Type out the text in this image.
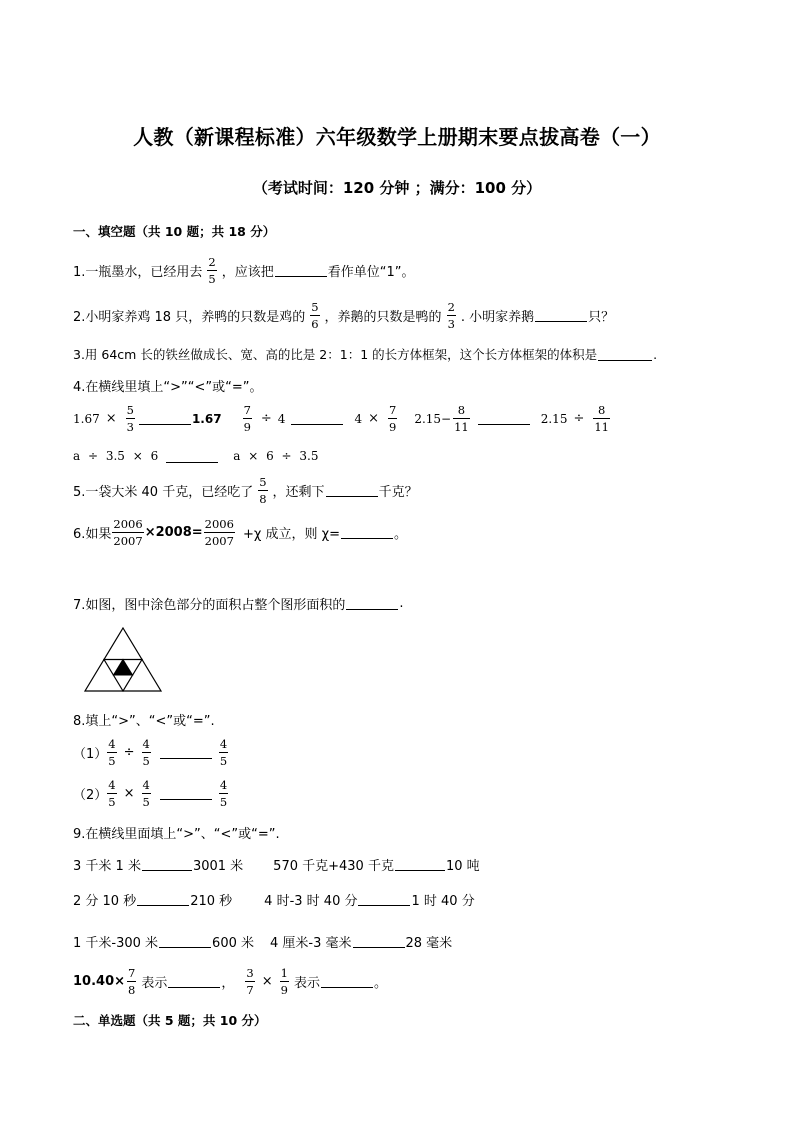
人教（新课程标准）六年级数学上册期末要点拔高卷（一）
（考试时间：120 分钟 ；满分：100 分）
一、填空题（共 10 题；共 18 分）
1.一瓶墨水，已经用去 $\frac{2}{5}$ ，应该把	看作单位“1”。
2.小明家养鸡 18 只，养鸭的只数是鸡的 $\frac{5}{6}$ ，养鹅的只数是鸭的 $\frac{2}{3}$ . 小明家养鹅	只？
3.用 64cm 长的铁丝做成长、宽、高的比是 2：1：1 的长方体框架，这个长方体框架的体积是	.
4.在横线里填上“>”“<”或“=”。
$1.67 \times \frac{5}{3}$	$1.67 \frac{7}{9} \div 4$	$4 \times \frac{7}{9} 2.15- \frac{8}{11}$	$2.15 \div \frac{8}{11}$
a ÷ 3.5 × 6	a × 6 ÷ 3.5
5.一袋大米 40 千克，已经吃了 $\frac{5}{8}$ ，还剩下	千克？
6.如果 $\frac{2006}{2007} \times 2008= \frac{2006}{2007} +\chi$ 成立，则 χ=	。
7.如图，图中涂色部分的面积占整个图形面积的	.
8.填上“>”、“<”或“=”.
$(1) \frac{4}{5} \div \frac{4}{5}$	$\frac{4}{5}$
$(2) \frac{4}{5} \times \frac{4}{5}$	$\frac{4}{5}$
9.在横线里面填上“>”、“<”或“=”.
3 千米 1 米	3001 米 570 千克+430 千克	10 吨
2 分 10 秒	210 秒 4 时-3 时 40 分	1 时 40 分
1 千米-300 米	600 米 4 厘米-3 毫米	28 毫米
$10.40\times \frac{7}{8}$ 表示	， $\frac{3}{7} \times \frac{1}{9}$ 表示	。
二、单选题（共 5 题；共 10 分）
